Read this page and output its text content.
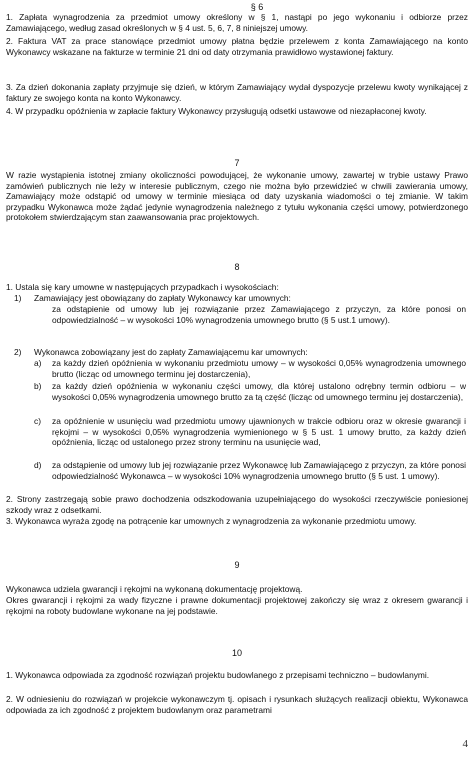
§ 6
1. Zapłata wynagrodzenia za przedmiot umowy określony w § 1, nastąpi po jego wykonaniu i odbiorze przez Zamawiającego, według zasad określonych w § 4 ust. 5, 6, 7, 8 niniejszej umowy.
2. Faktura VAT za prace stanowiące przedmiot umowy płatna będzie przelewem z konta Zamawiającego na konto Wykonawcy wskazane na fakturze w terminie 21 dni od daty otrzymania prawidłowo wystawionej faktury.
3. Za dzień dokonania zapłaty przyjmuje się dzień, w którym Zamawiający wydał dyspozycje przelewu kwoty wynikającej z faktury ze swojego konta na konto Wykonawcy.
4. W przypadku opóźnienia w zapłacie faktury Wykonawcy przysługują odsetki ustawowe od niezapłaconej kwoty.
7
W razie wystąpienia istotnej zmiany okoliczności powodującej, że wykonanie umowy, zawartej w trybie ustawy Prawo zamówień publicznych nie leży w interesie publicznym, czego nie można było przewidzieć w chwili zawierania umowy, Zamawiający może odstąpić od umowy w terminie miesiąca od daty uzyskania wiadomości o tej zmianie. W takim przypadku Wykonawca może żądać jedynie wynagrodzenia należnego z tytułu wykonania części umowy, potwierdzonego protokołem stwierdzającym stan zaawansowania prac projektowych.
8
1. Ustala się kary umowne w następujących przypadkach i wysokościach:
1) Zamawiający jest obowiązany do zapłaty Wykonawcy kar umownych:
za odstąpienie od umowy lub jej rozwiązanie przez Zamawiającego z przyczyn, za które ponosi on odpowiedzialność – w wysokości 10% wynagrodzenia umownego brutto (§ 5 ust.1 umowy).
2) Wykonawca zobowiązany jest do zapłaty Zamawiającemu kar umownych:
a) za każdy dzień opóźnienia w wykonaniu przedmiotu umowy – w wysokości 0,05% wynagrodzenia umownego brutto (licząc od umownego terminu jej dostarczenia),
b) za każdy dzień opóźnienia w wykonaniu części umowy, dla której ustalono odrębny termin odbioru – w wysokości 0,05% wynagrodzenia umownego brutto za tą część (licząc od umownego terminu jej dostarczenia),
c) za opóźnienie w usunięciu wad przedmiotu umowy ujawnionych w trakcie odbioru oraz w okresie gwarancji i rękojmi – w wysokości 0,05% wynagrodzenia wymienionego w § 5 ust. 1 umowy brutto, za każdy dzień opóźnienia, licząc od ustalonego przez strony terminu na usunięcie wad,
d) za odstąpienie od umowy lub jej rozwiązanie przez Wykonawcę lub Zamawiającego z przyczyn, za które ponosi odpowiedzialność Wykonawca – w wysokości 10% wynagrodzenia umownego brutto (§ 5 ust. 1 umowy).
2. Strony zastrzegają sobie prawo dochodzenia odszkodowania uzupełniającego do wysokości rzeczywiście poniesionej szkody wraz z odsetkami.
3. Wykonawca wyraża zgodę na potrącenie kar umownych z wynagrodzenia za wykonanie przedmiotu umowy.
9
Wykonawca udziela gwarancji i rękojmi na wykonaną dokumentację projektową.
Okres gwarancji i rękojmi za wady fizyczne i prawne dokumentacji projektowej zakończy się wraz z okresem gwarancji i rękojmi na roboty budowlane wykonane na jej podstawie.
10
1. Wykonawca odpowiada za zgodność rozwiązań projektu budowlanego z przepisami techniczno – budowlanymi.
2. W odniesieniu do rozwiązań w projekcie wykonawczym tj. opisach i rysunkach służących realizacji obiektu, Wykonawca odpowiada za ich zgodność z projektem budowlanym oraz parametrami
4
